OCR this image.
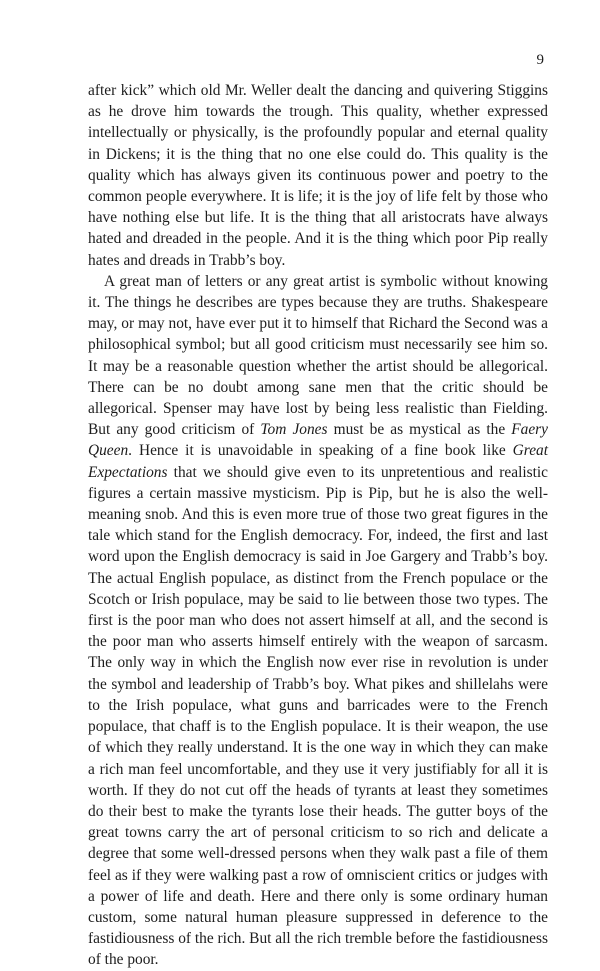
9

after kick” which old Mr. Weller dealt the dancing and quivering Stiggins as he drove him towards the trough. This quality, whether expressed intellectually or physically, is the profoundly popular and eternal quality in Dickens; it is the thing that no one else could do. This quality is the quality which has always given its continuous power and poetry to the common people everywhere. It is life; it is the joy of life felt by those who have nothing else but life. It is the thing that all aristocrats have always hated and dreaded in the people. And it is the thing which poor Pip really hates and dreads in Trabb’s boy.

A great man of letters or any great artist is symbolic without knowing it. The things he describes are types because they are truths. Shakespeare may, or may not, have ever put it to himself that Richard the Second was a philosophical symbol; but all good criticism must necessarily see him so. It may be a reasonable question whether the artist should be allegorical. There can be no doubt among sane men that the critic should be allegorical. Spenser may have lost by being less realistic than Fielding. But any good criticism of Tom Jones must be as mystical as the Faery Queen. Hence it is unavoidable in speaking of a fine book like Great Expectations that we should give even to its unpretentious and realistic figures a certain massive mysticism. Pip is Pip, but he is also the well-meaning snob. And this is even more true of those two great figures in the tale which stand for the English democracy. For, indeed, the first and last word upon the English democracy is said in Joe Gargery and Trabb’s boy. The actual English populace, as distinct from the French populace or the Scotch or Irish populace, may be said to lie between those two types. The first is the poor man who does not assert himself at all, and the second is the poor man who asserts himself entirely with the weapon of sarcasm. The only way in which the English now ever rise in revolution is under the symbol and leadership of Trabb’s boy. What pikes and shillelahs were to the Irish populace, what guns and barricades were to the French populace, that chaff is to the English populace. It is their weapon, the use of which they really understand. It is the one way in which they can make a rich man feel uncomfortable, and they use it very justifiably for all it is worth. If they do not cut off the heads of tyrants at least they sometimes do their best to make the tyrants lose their heads. The gutter boys of the great towns carry the art of personal criticism to so rich and delicate a degree that some well-dressed persons when they walk past a file of them feel as if they were walking past a row of omniscient critics or judges with a power of life and death. Here and there only is some ordinary human custom, some natural human pleasure suppressed in deference to the fastidiousness of the rich. But all the rich tremble before the fastidiousness of the poor.
